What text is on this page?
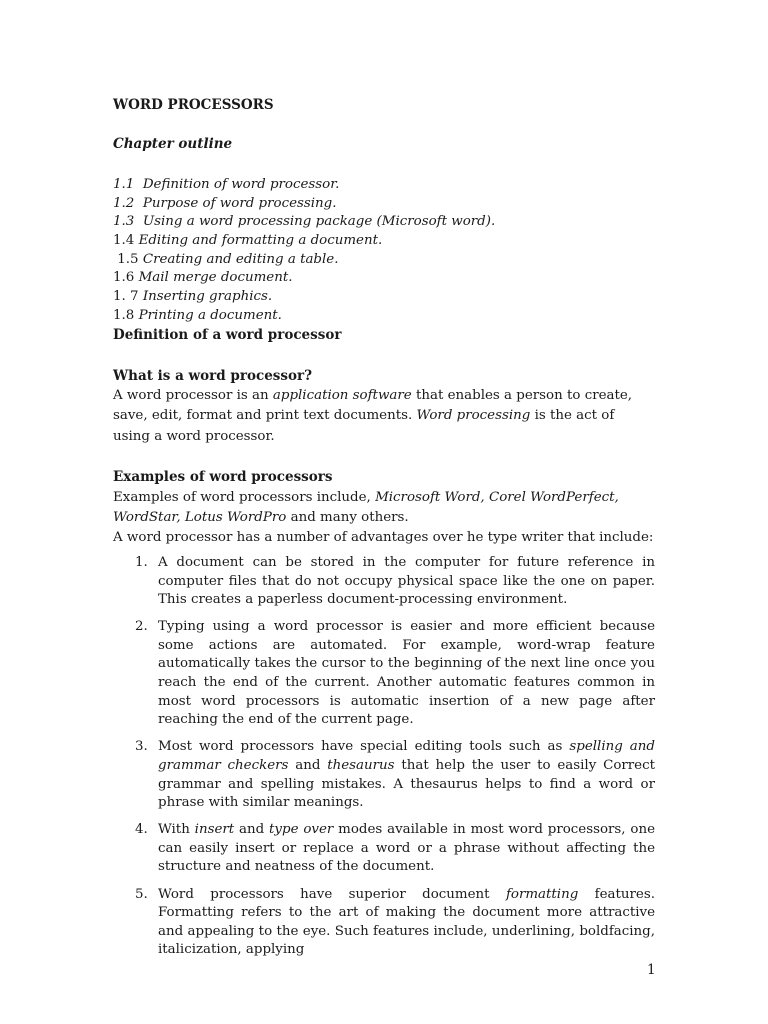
WORD PROCESSORS
Chapter outline
1.1 Definition of word processor.
1.2 Purpose of word processing.
1.3 Using a word processing package (Microsoft word).
1.4 Editing and formatting a document.
1.5 Creating and editing a table.
1.6 Mail merge document.
1. 7 Inserting graphics.
1.8 Printing a document.
Definition of a word processor
What is a word processor?

A word processor is an application software that enables a person to create, save, edit, format and print text documents. Word processing is the act of using a word processor.

Examples of word processors

Examples of word processors include, Microsoft Word, Corel WordPerfect, WordStar, Lotus WordPro and many others.

A word processor has a number of advantages over he type writer that include:

1. A document can be stored in the computer for future reference in computer files that do not occupy physical space like the one on paper. This creates a paperless document-processing environment.
2. Typing using a word processor is easier and more efficient because some actions are automated. For example, word-wrap feature automatically takes the cursor to the beginning of the next line once you reach the end of the current. Another automatic features common in most word processors is automatic insertion of a new page after reaching the end of the current page.
3. Most word processors have special editing tools such as spelling and grammar checkers and thesaurus that help the user to easily Correct grammar and spelling mistakes. A thesaurus helps to find a word or phrase with similar meanings.
4. With insert and type over modes available in most word processors, one can easily insert or replace a word or a phrase without affecting the structure and neatness of the document.
5. Word processors have superior document formatting features. Formatting refers to the art of making the document more attractive and appealing to the eye. Such features include, underlining, boldfacing, italicization, applying
1
